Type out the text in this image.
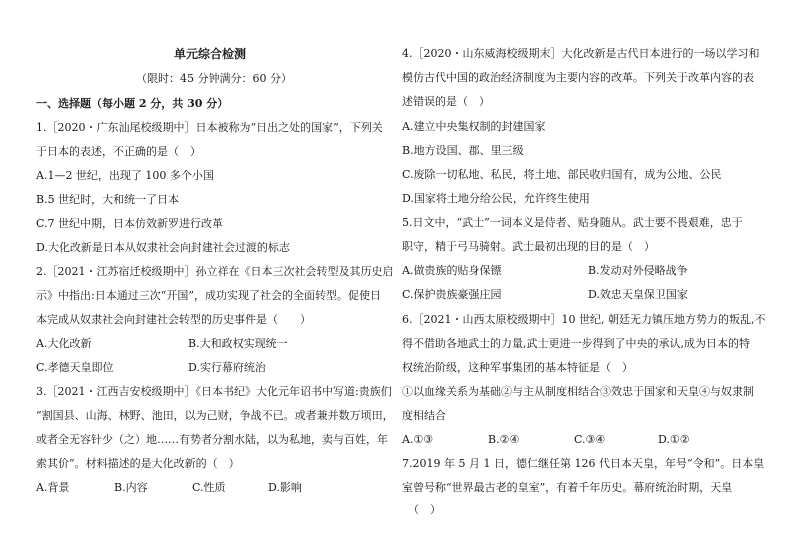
单元综合检测
（限时：45 分钟满分：60 分）
一、选择题（每小题 2 分，共 30 分）
1.［2020・广东汕尾校级期中］日本被称为“日出之处的国家”，下列关
于日本的表述，不正确的是（　）
A.1—2 世纪，出现了 100 多个小国
B.5 世纪时，大和统一了日本
C.7 世纪中期，日本仿效新罗进行改革
D.大化改新是日本从奴隶社会向封建社会过渡的标志
2.［2021・江苏宿迁校级期中］孙立祥在《日本三次社会转型及其历史启
示》中指出:日本通过三次“开国”，成功实现了社会的全面转型。促使日
本完成从奴隶社会向封建社会转型的历史事件是（　　）
A.大化改新	B.大和政权实现统一
C.孝德天皇即位	D.实行幕府统治
3.［2021・江西吉安校级期中］《日本书纪》大化元年诏书中写道:贵族们
“割国县、山海、林野、池田，以为己财，争战不已。或者兼并数万顷田，
或者全无容针少（之）地……有势者分割水陆，以为私地，卖与百姓，年
索其价”。材料描述的是大化改新的（　）
A.背景	B.内容	C.性质	D.影响
4.［2020・山东威海校级期末］大化改新是古代日本进行的一场以学习和
模仿古代中国的政治经济制度为主要内容的改革。下列关于改革内容的表
述错误的是（　）
A.建立中央集权制的封建国家
B.地方设国、郡、里三级
C.废除一切私地、私民，将土地、部民收归国有，成为公地、公民
D.国家将土地分给公民，允许终生使用
5.日文中，“武士”一词本义是侍者、贴身随从。武士要不畏艰难，忠于
职守，精于弓马骑射。武士最初出现的目的是（　）
A.做贵族的贴身保镖	B.发动对外侵略战争
C.保护贵族豪强庄园	D.效忠天皇保卫国家
6.［2021・山西太原校级期中］10 世纪, 朝廷无力镇压地方势力的叛乱,不
得不借助各地武士的力量,武士更进一步得到了中央的承认,成为日本的特
权统治阶级，这种军事集团的基本特征是（　）
①以血缘关系为基础②与主从制度相结合③效忠于国家和天皇④与奴隶制
度相结合
A.①③	B.②④	C.③④	D.①②
7.2019 年 5 月 1 日，德仁继任第 126 代日本天皇，年号“令和”。日本皇
室曾号称“世界最古老的皇室”，有着千年历史。幕府统治时期，天皇
（　）
